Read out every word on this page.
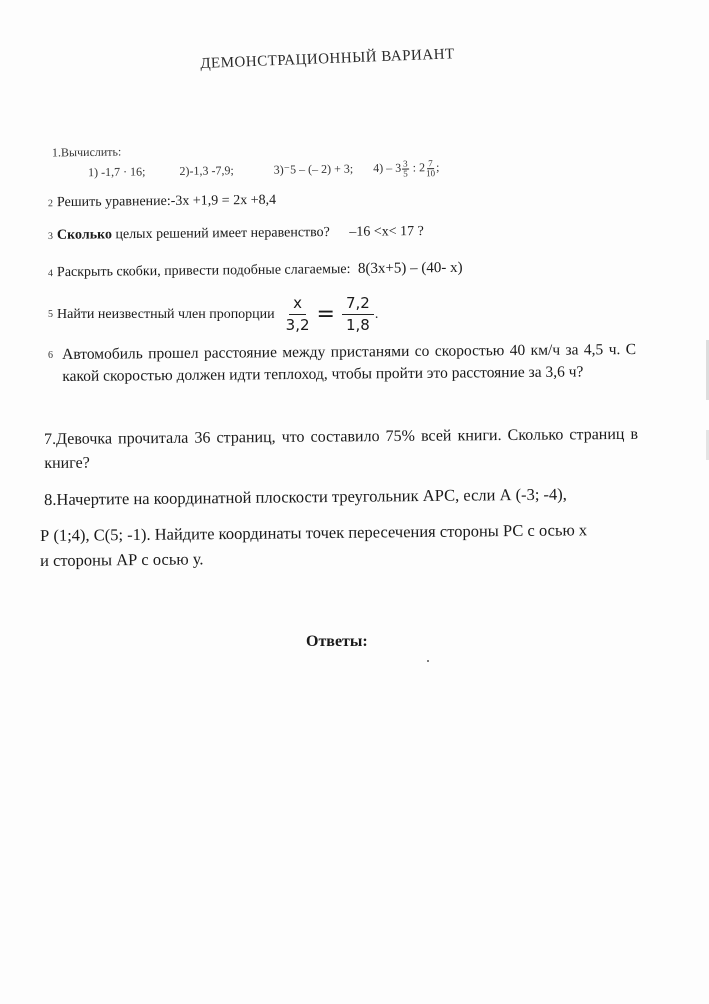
ДЕМОНСТРАЦИОННЫЙ ВАРИАНТ
1.Вычислить:
1) -1,7 · 16;	2)-1,3 -7,9;	3)⁻5 – (– 2) + 3; $4) - 3 \frac{3}{5}$ : $2 \frac{7}{10}$ ;
2 Решить уравнение:-3х +1,9 = 2х +8,4
3 Сколько целых решений имеет неравенство? –16 <x< 17 ?
4 Раскрыть скобки, привести подобные слагаемые: 8(3х+5) – (40- х)
5 Найти неизвестный член пропорции $\frac{x}{3,2} = \frac{7,2}{1,8}$ .
6 Автомобиль прошел расстояние между пристанями со скоростью 40 км/ч за 4,5 ч. С какой скоростью должен идти теплоход, чтобы пройти это расстояние за 3,6 ч?
7.Девочка прочитала 36 страниц, что составило 75% всей книги. Сколько страниц в книге?
8.Начертите на координатной плоскости треугольник АРС, если А (-3; -4),
Р (1;4), С(5; -1). Найдите координаты точек пересечения стороны РС с осью х
и стороны АР с осью у.
Ответы:
